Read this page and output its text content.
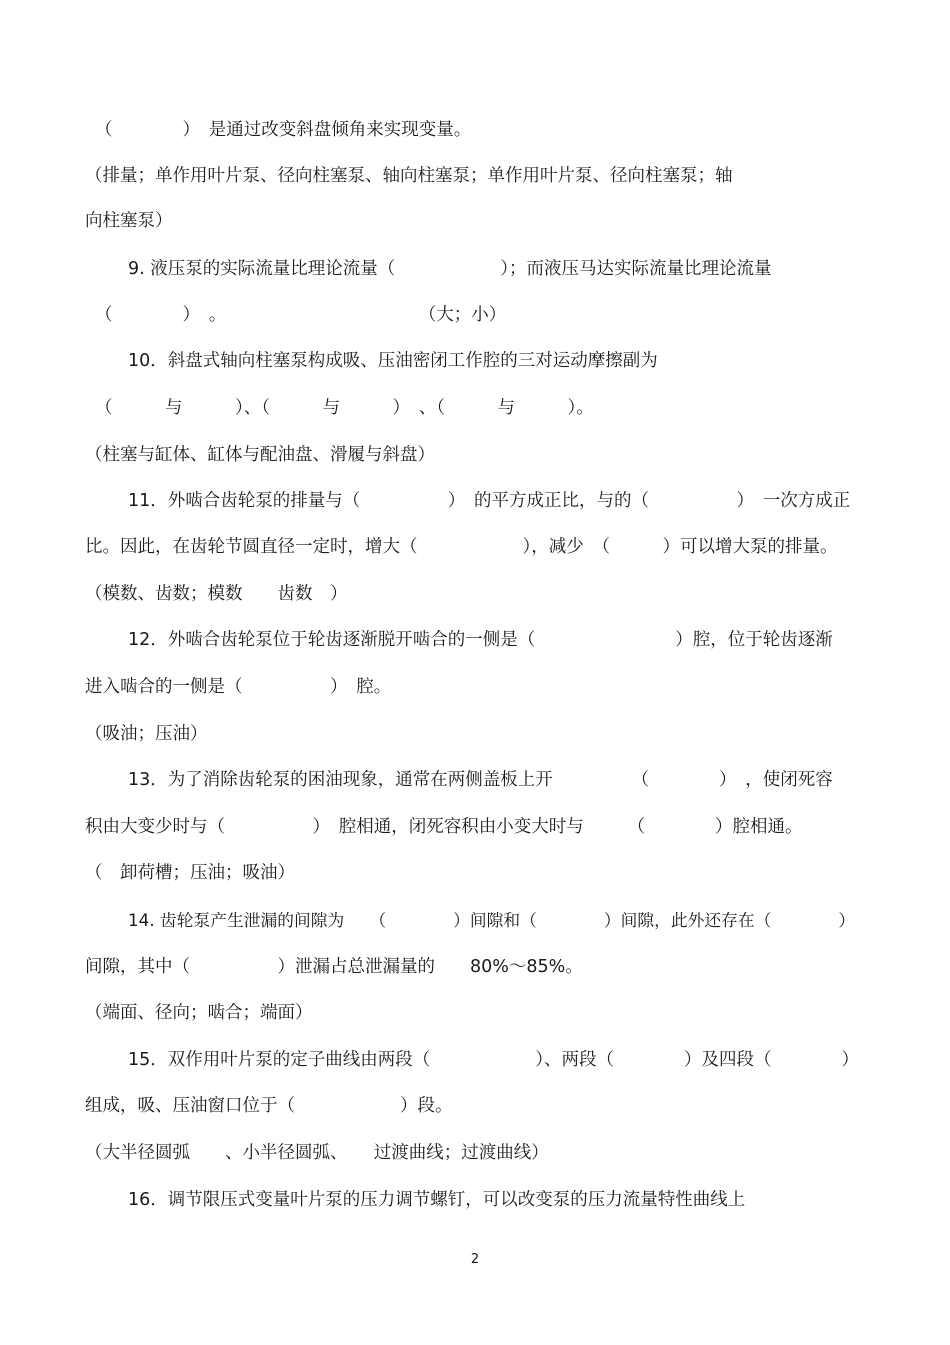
（　　　　）　是通过改变斜盘倾角来实现变量。
（排量；单作用叶片泵、径向柱塞泵、轴向柱塞泵；单作用叶片泵、径向柱塞泵；轴
向柱塞泵）
9. 液压泵的实际流量比理论流量（　　　　　　）；而液压马达实际流量比理论流量
（　　　　）　。　　　　　　　　　　　　（大；小）
10．斜盘式轴向柱塞泵构成吸、压油密闭工作腔的三对运动摩擦副为
（　　　与　　　）、（　　　与　　　）　、（　　　与　　　）。
（柱塞与缸体、缸体与配油盘、滑履与斜盘）
11．外啮合齿轮泵的排量与（　　　　　）　的平方成正比，与的（　　　　　）　一次方成正
比。因此，在齿轮节圆直径一定时，增大（　　　　　　），减少　（　　　）可以增大泵的排量。
（模数、齿数；模数　　齿数　）
12．外啮合齿轮泵位于轮齿逐渐脱开啮合的一侧是（　　　　　　　　）腔，位于轮齿逐渐
进入啮合的一侧是（　　　　　）　腔。
（吸油；压油）
13．为了消除齿轮泵的困油现象，通常在两侧盖板上开　　　　　（　　　　）　，使闭死容
积由大变少时与（　　　　　）　腔相通，闭死容积由小变大时与　　　（　　　　）腔相通。
（　卸荷槽；压油；吸油）
14. 齿轮泵产生泄漏的间隙为　　（　　　　）间隙和（　　　　）间隙，此外还存在（　　　　）
间隙，其中（　　　　　）泄漏占总泄漏量的　　80%～85%。
（端面、径向；啮合；端面）
15．双作用叶片泵的定子曲线由两段（　　　　　　）、两段（　　　　）及四段（　　　　）
组成，吸、压油窗口位于（　　　　　　）段。
（大半径圆弧　　、小半径圆弧、　　过渡曲线；过渡曲线）
16．调节限压式变量叶片泵的压力调节螺钉，可以改变泵的压力流量特性曲线上
2
